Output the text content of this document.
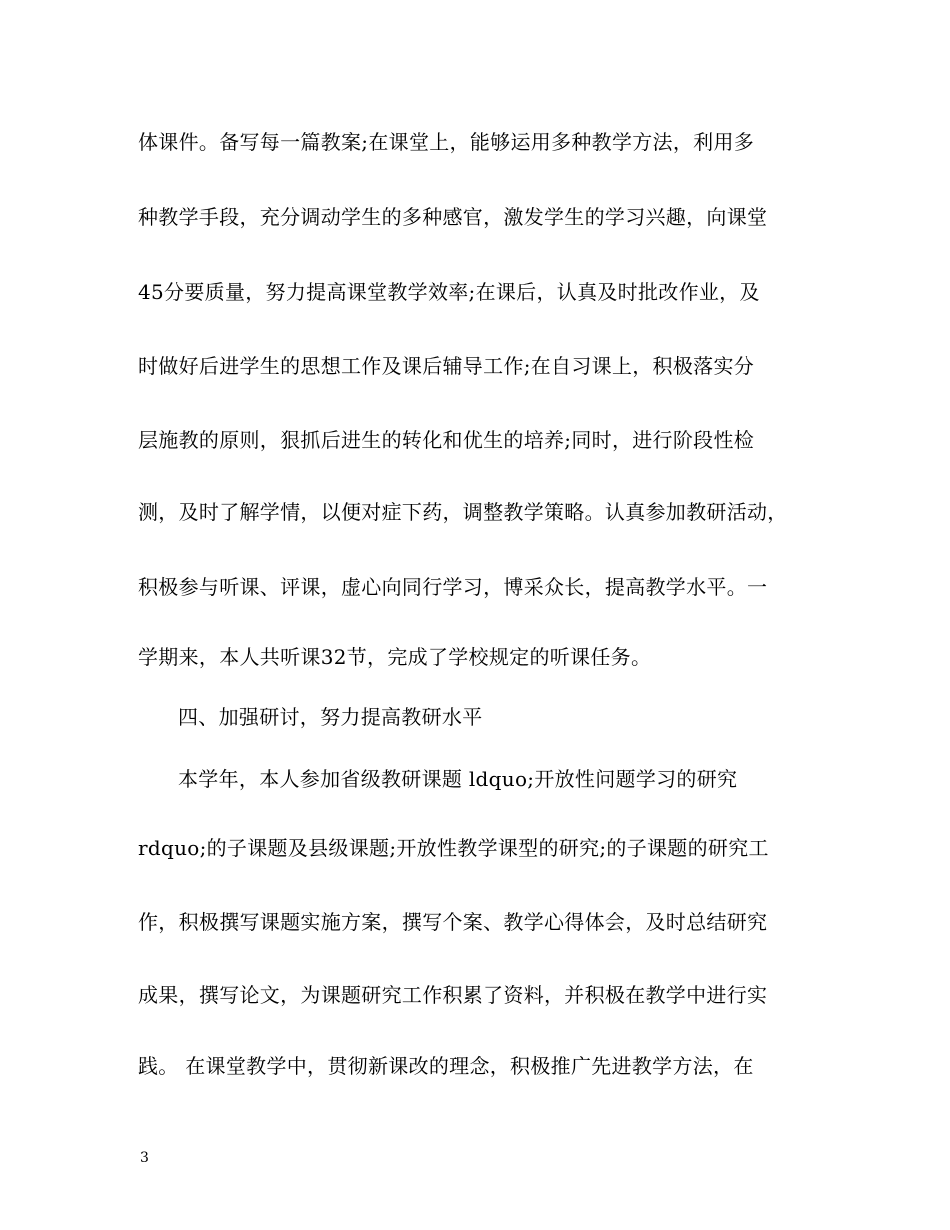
体课件。备写每一篇教案;在课堂上，能够运用多种教学方法，利用多
种教学手段，充分调动学生的多种感官，激发学生的学习兴趣，向课堂
45分要质量，努力提高课堂教学效率;在课后，认真及时批改作业，及
时做好后进学生的思想工作及课后辅导工作;在自习课上，积极落实分
层施教的原则，狠抓后进生的转化和优生的培养;同时，进行阶段性检
测，及时了解学情，以便对症下药，调整教学策略。认真参加教研活动，
积极参与听课、评课，虚心向同行学习，博采众长，提高教学水平。一
学期来，本人共听课32节，完成了学校规定的听课任务。
四、加强研讨，努力提高教研水平
本学年，本人参加省级教研课题 ldquo;开放性问题学习的研究
rdquo;的子课题及县级课题;开放性教学课型的研究;的子课题的研究工
作，积极撰写课题实施方案，撰写个案、教学心得体会，及时总结研究
成果，撰写论文，为课题研究工作积累了资料，并积极在教学中进行实
践。 在课堂教学中，贯彻新课改的理念，积极推广先进教学方法，在
3
